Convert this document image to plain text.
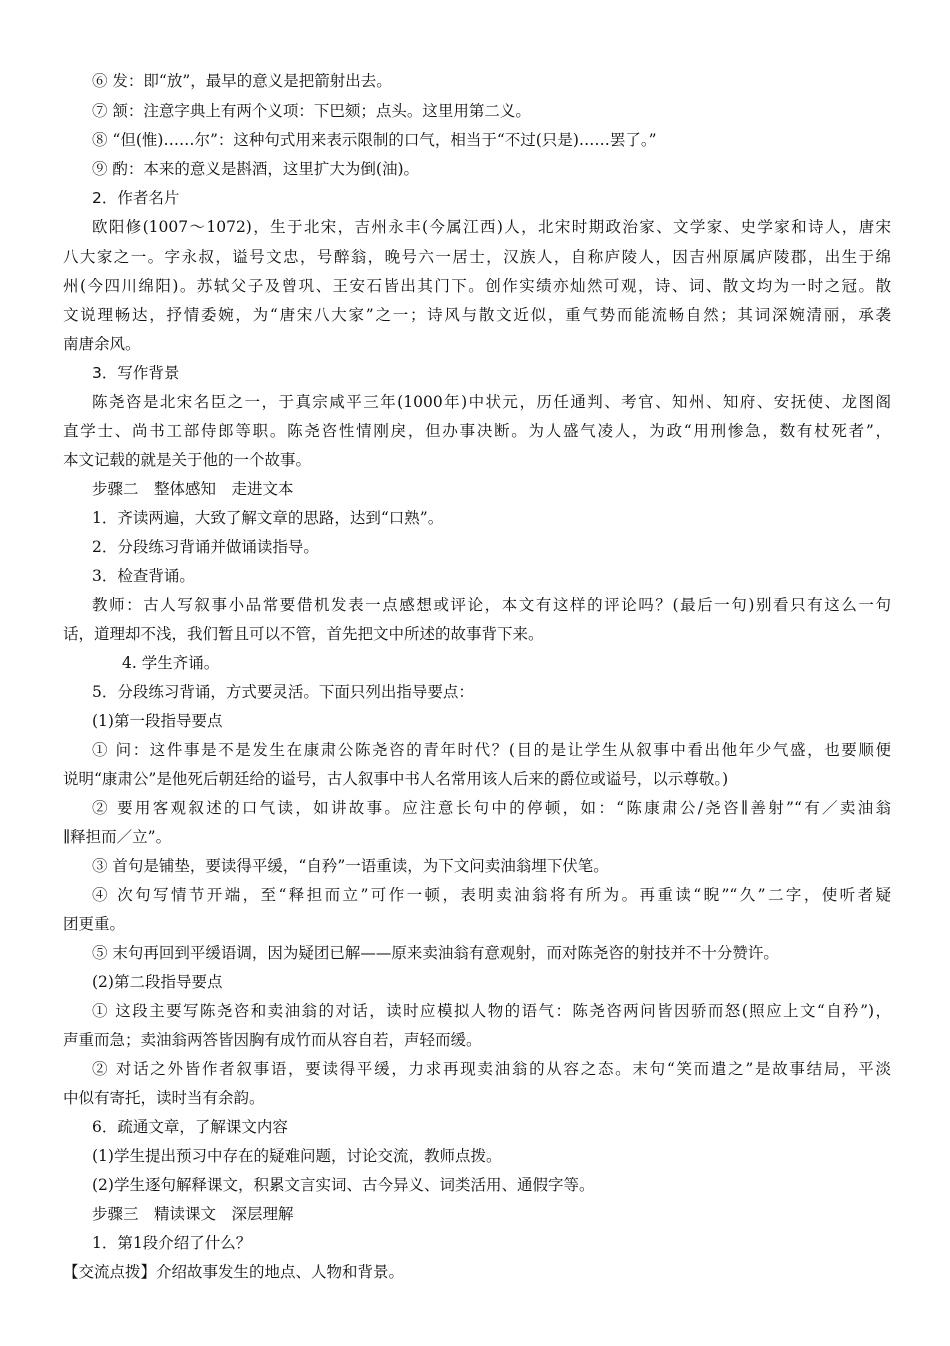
⑥ 发：即“放”，最早的意义是把箭射出去。

⑦ 颔：注意字典上有两个义项：下巴颏；点头。这里用第二义。

⑧ “但(惟)……尔”：这种句式用来表示限制的口气，相当于“不过(只是)……罢了。”

⑨ 酌：本来的意义是斟酒，这里扩大为倒(油)。

2．作者名片

欧阳修(1007～1072)，生于北宋，吉州永丰(今属江西)人，北宋时期政治家、文学家、史学家和诗人，唐宋

八大家之一。字永叔，谥号文忠，号醉翁，晚号六一居士，汉族人，自称庐陵人，因吉州原属庐陵郡，出生于绵

州(今四川绵阳)。苏轼父子及曾巩、王安石皆出其门下。创作实绩亦灿然可观，诗、词、散文均为一时之冠。散

文说理畅达，抒情委婉，为“唐宋八大家”之一；诗风与散文近似，重气势而能流畅自然；其词深婉清丽，承袭

南唐余风。

3．写作背景

陈尧咨是北宋名臣之一，于真宗咸平三年(1000年)中状元，历任通判、考官、知州、知府、安抚使、龙图阁

直学士、尚书工部侍郎等职。陈尧咨性情刚戾，但办事决断。为人盛气凌人，为政“用刑惨急，数有杖死者”，

本文记载的就是关于他的一个故事。

步骤二　整体感知　走进文本

1．齐读两遍，大致了解文章的思路，达到“口熟”。

2．分段练习背诵并做诵读指导。

3．检查背诵。

教师：古人写叙事小品常要借机发表一点感想或评论，本文有这样的评论吗？(最后一句)别看只有这么一句

话，道理却不浅，我们暂且可以不管，首先把文中所述的故事背下来。

4. 学生齐诵。

5．分段练习背诵，方式要灵活。下面只列出指导要点：

(1)第一段指导要点

① 问：这件事是不是发生在康肃公陈尧咨的青年时代？(目的是让学生从叙事中看出他年少气盛，也要顺便

说明“康肃公”是他死后朝廷给的谥号，古人叙事中书人名常用该人后来的爵位或谥号，以示尊敬。)

② 要用客观叙述的口气读，如讲故事。应注意长句中的停顿，如：“陈康肃公/尧咨∥善射”“有／卖油翁

∥释担而／立”。

③ 首句是铺垫，要读得平缓，“自矜”一语重读，为下文问卖油翁埋下伏笔。

④ 次句写情节开端，至“释担而立”可作一顿，表明卖油翁将有所为。再重读“睨”“久”二字，使听者疑

团更重。

⑤ 末句再回到平缓语调，因为疑团已解——原来卖油翁有意观射，而对陈尧咨的射技并不十分赞许。

(2)第二段指导要点

① 这段主要写陈尧咨和卖油翁的对话，读时应模拟人物的语气：陈尧咨两问皆因骄而怒(照应上文“自矜”)，

声重而急；卖油翁两答皆因胸有成竹而从容自若，声轻而缓。

② 对话之外皆作者叙事语，要读得平缓，力求再现卖油翁的从容之态。末句“笑而遣之”是故事结局，平淡

中似有寄托，读时当有余韵。

6．疏通文章，了解课文内容

(1)学生提出预习中存在的疑难问题，讨论交流，教师点拨。

(2)学生逐句解释课文，积累文言实词、古今异义、词类活用、通假字等。

步骤三　精读课文　深层理解

1．第1段介绍了什么？

【交流点拨】介绍故事发生的地点、人物和背景。
